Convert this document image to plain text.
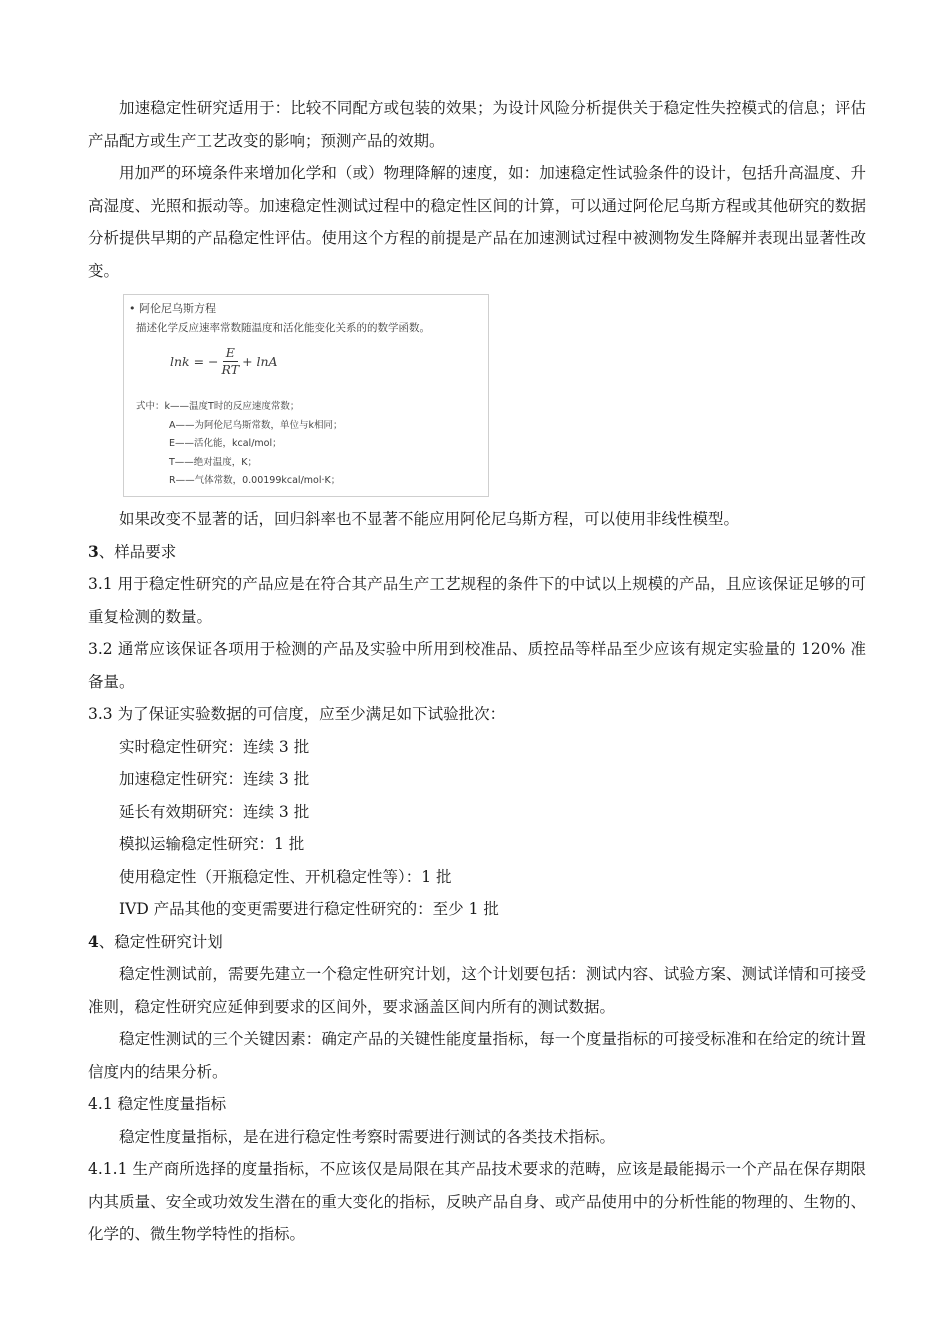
加速稳定性研究适用于：比较不同配方或包装的效果；为设计风险分析提供关于稳定性失控模式的信息；评估产品配方或生产工艺改变的影响；预测产品的效期。

用加严的环境条件来增加化学和（或）物理降解的速度，如：加速稳定性试验条件的设计，包括升高温度、升高湿度、光照和振动等。加速稳定性测试过程中的稳定性区间的计算，可以通过阿伦尼乌斯方程或其他研究的数据分析提供早期的产品稳定性评估。使用这个方程的前提是产品在加速测试过程中被测物发生降解并表现出显著性改变。

• 阿伦尼乌斯方程
描述化学反应速率常数随温度和活化能变化关系的的数学函数。
lnk = − $\frac{E}{RT} + \ln A$
式中：k——温度T时的反应速度常数；
A——为阿伦尼乌斯常数，单位与k相同；
E——活化能，kcal/mol；
T——绝对温度，K；
R——气体常数，0.00199kcal/mol·K；

如果改变不显著的话，回归斜率也不显著不能应用阿伦尼乌斯方程，可以使用非线性模型。

3、样品要求

3.1 用于稳定性研究的产品应是在符合其产品生产工艺规程的条件下的中试以上规模的产品，且应该保证足够的可重复检测的数量。

3.2 通常应该保证各项用于检测的产品及实验中所用到校准品、质控品等样品至少应该有规定实验量的 120% 准备量。

3.3 为了保证实验数据的可信度，应至少满足如下试验批次：

实时稳定性研究：连续 3 批

加速稳定性研究：连续 3 批

延长有效期研究：连续 3 批

模拟运输稳定性研究：1 批

使用稳定性（开瓶稳定性、开机稳定性等）：1 批

IVD 产品其他的变更需要进行稳定性研究的：至少 1 批

4、稳定性研究计划

稳定性测试前，需要先建立一个稳定性研究计划，这个计划要包括：测试内容、试验方案、测试详情和可接受准则，稳定性研究应延伸到要求的区间外，要求涵盖区间内所有的测试数据。

稳定性测试的三个关键因素：确定产品的关键性能度量指标，每一个度量指标的可接受标准和在给定的统计置信度内的结果分析。

4.1 稳定性度量指标

稳定性度量指标，是在进行稳定性考察时需要进行测试的各类技术指标。

4.1.1 生产商所选择的度量指标，不应该仅是局限在其产品技术要求的范畴，应该是最能揭示一个产品在保存期限内其质量、安全或功效发生潜在的重大变化的指标，反映产品自身、或产品使用中的分析性能的物理的、生物的、化学的、微生物学特性的指标。
